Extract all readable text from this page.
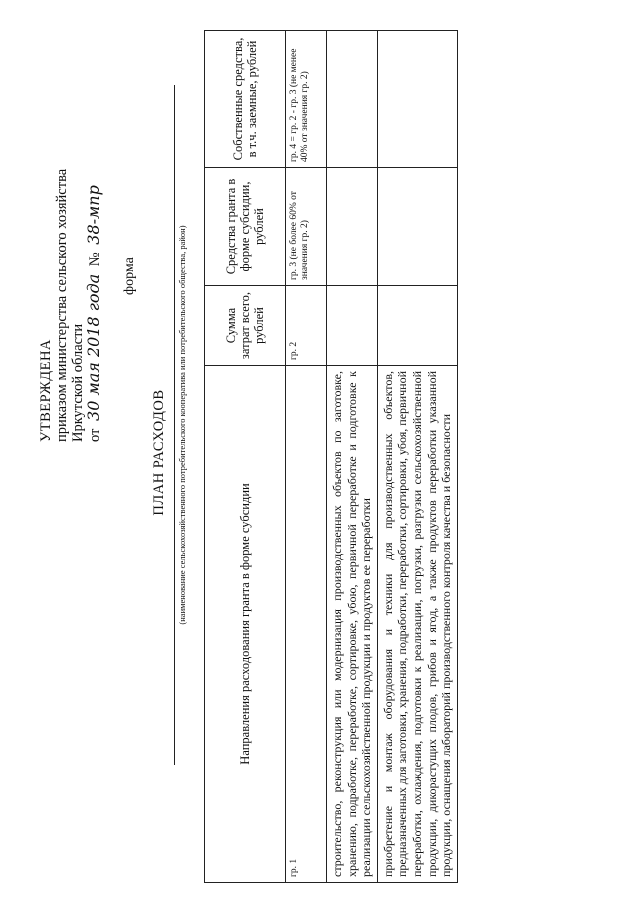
УТВЕРЖДЕНА приказом министерства сельского хозяйства Иркутской области от 30 мая 2018 года № 38-мпр
форма
ПЛАН РАСХОДОВ (наименование сельскохозяйственного потребительского кооператива или потребительского общества, район)	Направления расходования гранта в форме субсидии	Сумма затрат всего, рублей	Средства гранта в форме субсидии, рублей	Собственные средства, в т.ч. заемные, рублей
гр. 1	гр. 2	гр. 3 (не более 60% от значения гр. 2)	гр. 4 = гр. 2 - гр. 3 (не менее 40% от значения гр. 2)
строительство, реконструкция или модернизация производственных объектов по заготовке, хранению, подработке, переработке, сортировке, убою, первичной переработке и подготовке к реализации сельскохозяйственной продукции и продуктов ее переработки			
приобретение и монтаж оборудования и техники для производственных объектов, предназначенных для заготовки, хранения, подработки, переработки, сортировки, убоя, первичной переработки, охлаждения, подготовки к реализации, погрузки, разгрузки сельскохозяйственной продукции, дикорастущих плодов, грибов и ягод, а также продуктов переработки указанной продукции, оснащения лабораторий производственного контроля качества и безопасности			
